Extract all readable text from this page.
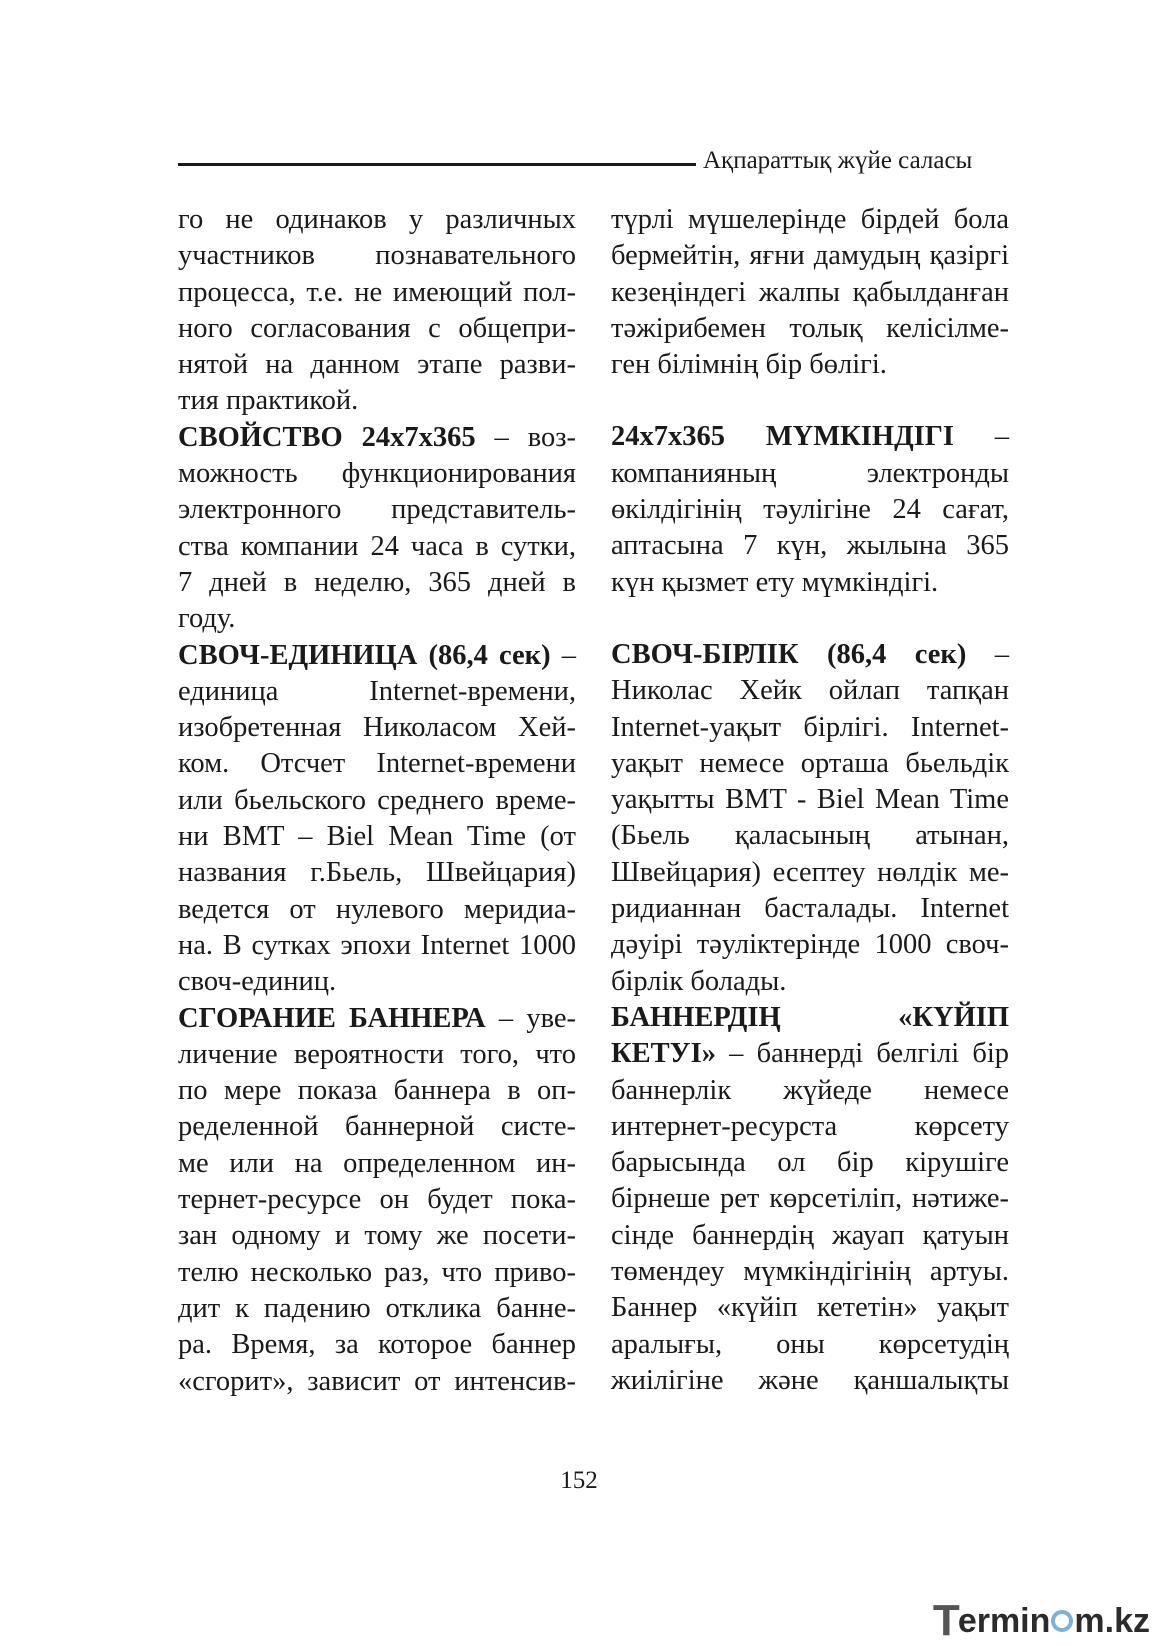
Ақпараттық жүйе саласы
го не одинаков у различных
участников познавательного
процесса, т.е. не имеющий пол-
ного согласования с общепри-
нятой на данном этапе разви-
тия практикой.
СВОЙСТВО 24х7х365 – воз-
можность функционирования
электронного представитель-
ства компании 24 часа в сутки,
7 дней в неделю, 365 дней в
году.
СВОЧ-ЕДИНИЦА (86,4 сек) –
единица Internet-времени,
изобретенная Николасом Хей-
ком. Отсчет Internet-времени
или бьельского среднего време-
ни BMT – Biel Mean Time (от
названия г.Бьель, Швейцария)
ведется от нулевого меридиа-
на. В сутках эпохи Internet 1000
своч-единиц.
СГОРАНИЕ БАННЕРА – уве-
личение вероятности того, что
по мере показа баннера в оп-
ределенной баннерной систе-
ме или на определенном ин-
тернет-ресурсе он будет пока-
зан одному и тому же посети-
телю несколько раз, что приво-
дит к падению отклика банне-
ра. Время, за которое баннер
«сгорит», зависит от интенсив-
түрлі мүшелерінде бірдей бола
бермейтін, яғни дамудың қазіргі
кезеңіндегі жалпы қабылданған
тәжірибемен толық келісілме-
ген білімнің бір бөлігі.
24х7х365 МҮМКІНДІГІ –
компанияның электронды
өкілдігінің тәулігіне 24 сағат,
аптасына 7 күн, жылына 365
күн қызмет ету мүмкіндігі.
СВОЧ-БІРЛІК (86,4 сек) –
Николас Хейк ойлап тапқан
Internet-уақыт бірлігі. Internet-
уақыт немесе орташа бьельдік
уақытты BMT - Biel Mean Time
(Бьель қаласының атынан,
Швейцария) есептеу нөлдік ме-
ридианнан басталады. Internet
дәуірі тәуліктерінде 1000 своч-
бірлік болады.
БАННЕРДІҢ «КҮЙІП
КЕТУІ» – баннерді белгілі бір
баннерлік жүйеде немесе
интернет-ресурста көрсету
барысында ол бір кірушіге
бірнеше рет көрсетіліп, нәтиже-
сінде баннердің жауап қатуын
төмендеу мүмкіндігінің артуы.
Баннер «күйіп кететін» уақыт
аралығы, оны көрсетудің
жиілігіне және қаншалықты
152
T
ermin m.kz
